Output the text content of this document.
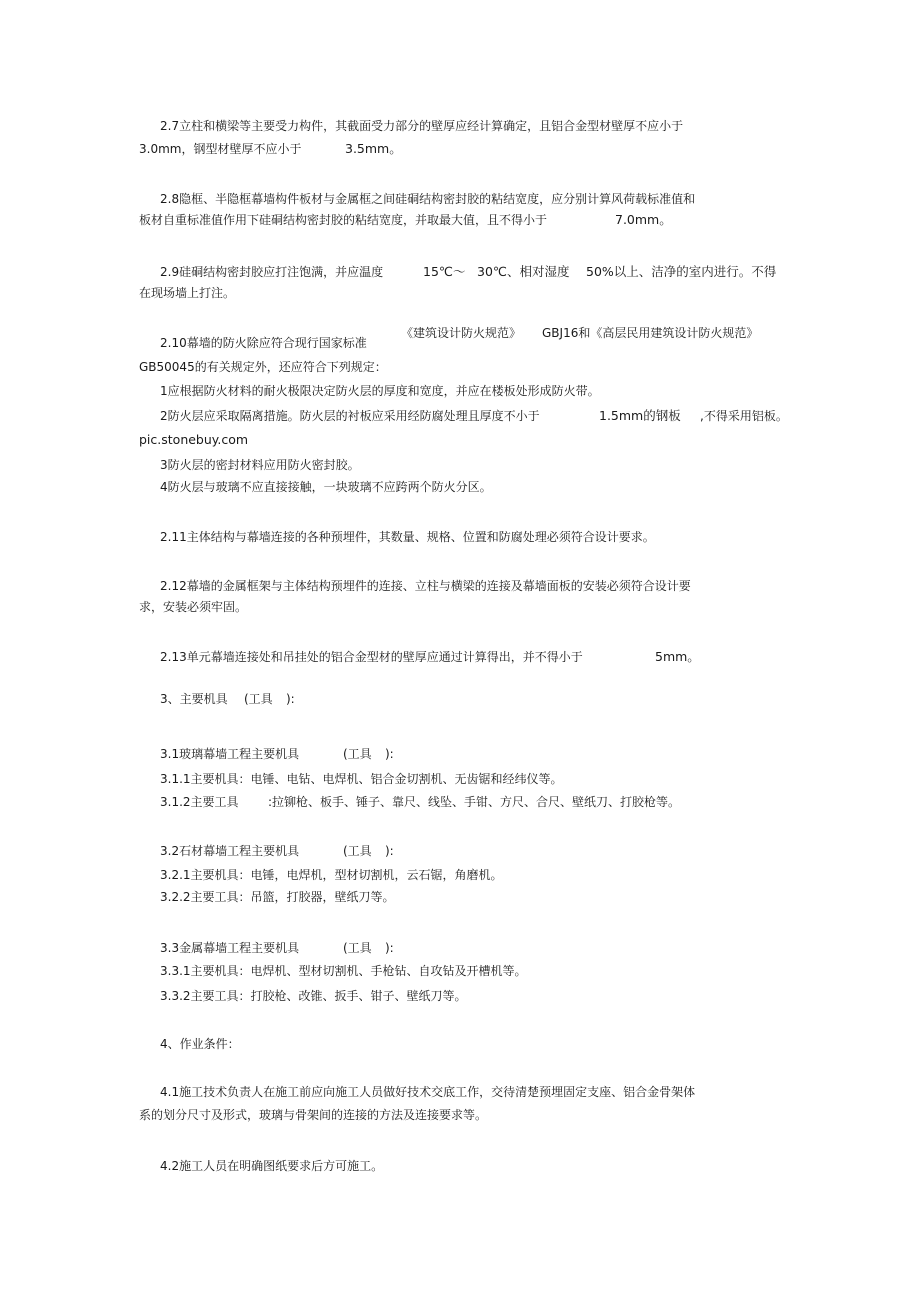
2.7立柱和横梁等主要受力构件，其截面受力部分的壁厚应经计算确定，且铝合金型材壁厚不应小于
3.0mm，钢型材壁厚不应小于	3.5mm。
2.8隐框、半隐框幕墙构件板材与金属框之间硅硐结构密封胶的粘结宽度，应分别计算风荷载标准值和
板材自重标准值作用下硅硐结构密封胶的粘结宽度，并取最大值，且不得小于	7.0mm。
2.9硅硐结构密封胶应打注饱满，并应温度	15℃～ 30℃、相对湿度 50%以上、洁净的室内进行。不得
在现场墙上打注。
《建筑设计防火规范》 GBJ16和《高层民用建筑设计防火规范》
2.10幕墙的防火除应符合现行国家标准
GB50045的有关规定外，还应符合下列规定：
1应根据防火材料的耐火极限决定防火层的厚度和宽度，并应在楼板处形成防火带。
2防火层应采取隔离措施。防火层的衬板应采用经防腐处理且厚度不小于	1.5mm的钢板 ,不得采用铝板。
pic.stonebuy.com
3防火层的密封材料应用防火密封胶。
4防火层与玻璃不应直接接触，一块玻璃不应跨两个防火分区。
2.11主体结构与幕墙连接的各种预埋件，其数量、规格、位置和防腐处理必须符合设计要求。
2.12幕墙的金属框架与主体结构预埋件的连接、立柱与横梁的连接及幕墙面板的安装必须符合设计要
求，安装必须牢固。
2.13单元幕墙连接处和吊挂处的铝合金型材的壁厚应通过计算得出，并不得小于	5mm。
3、主要机具 (工具 ):
3.1玻璃幕墙工程主要机具	(工具 ):
3.1.1主要机具：电锤、电钻、电焊机、铝合金切割机、无齿锯和经纬仪等。
3.1.2主要工具 :拉铆枪、板手、锤子、靠尺、线坠、手钳、方尺、合尺、壁纸刀、打胶枪等。
3.2石材幕墙工程主要机具	(工具 ):
3.2.1主要机具：电锤，电焊机，型材切割机，云石锯，角磨机。
3.2.2主要工具：吊篮，打胶器，壁纸刀等。
3.3金属幕墙工程主要机具	(工具 ):
3.3.1主要机具：电焊机、型材切割机、手枪钻、自攻钻及开槽机等。
3.3.2主要工具：打胶枪、改锥、扳手、钳子、壁纸刀等。
4、作业条件：
4.1施工技术负责人在施工前应向施工人员做好技术交底工作，交待清楚预埋固定支座、铝合金骨架体
系的划分尺寸及形式，玻璃与骨架间的连接的方法及连接要求等。
4.2施工人员在明确图纸要求后方可施工。
